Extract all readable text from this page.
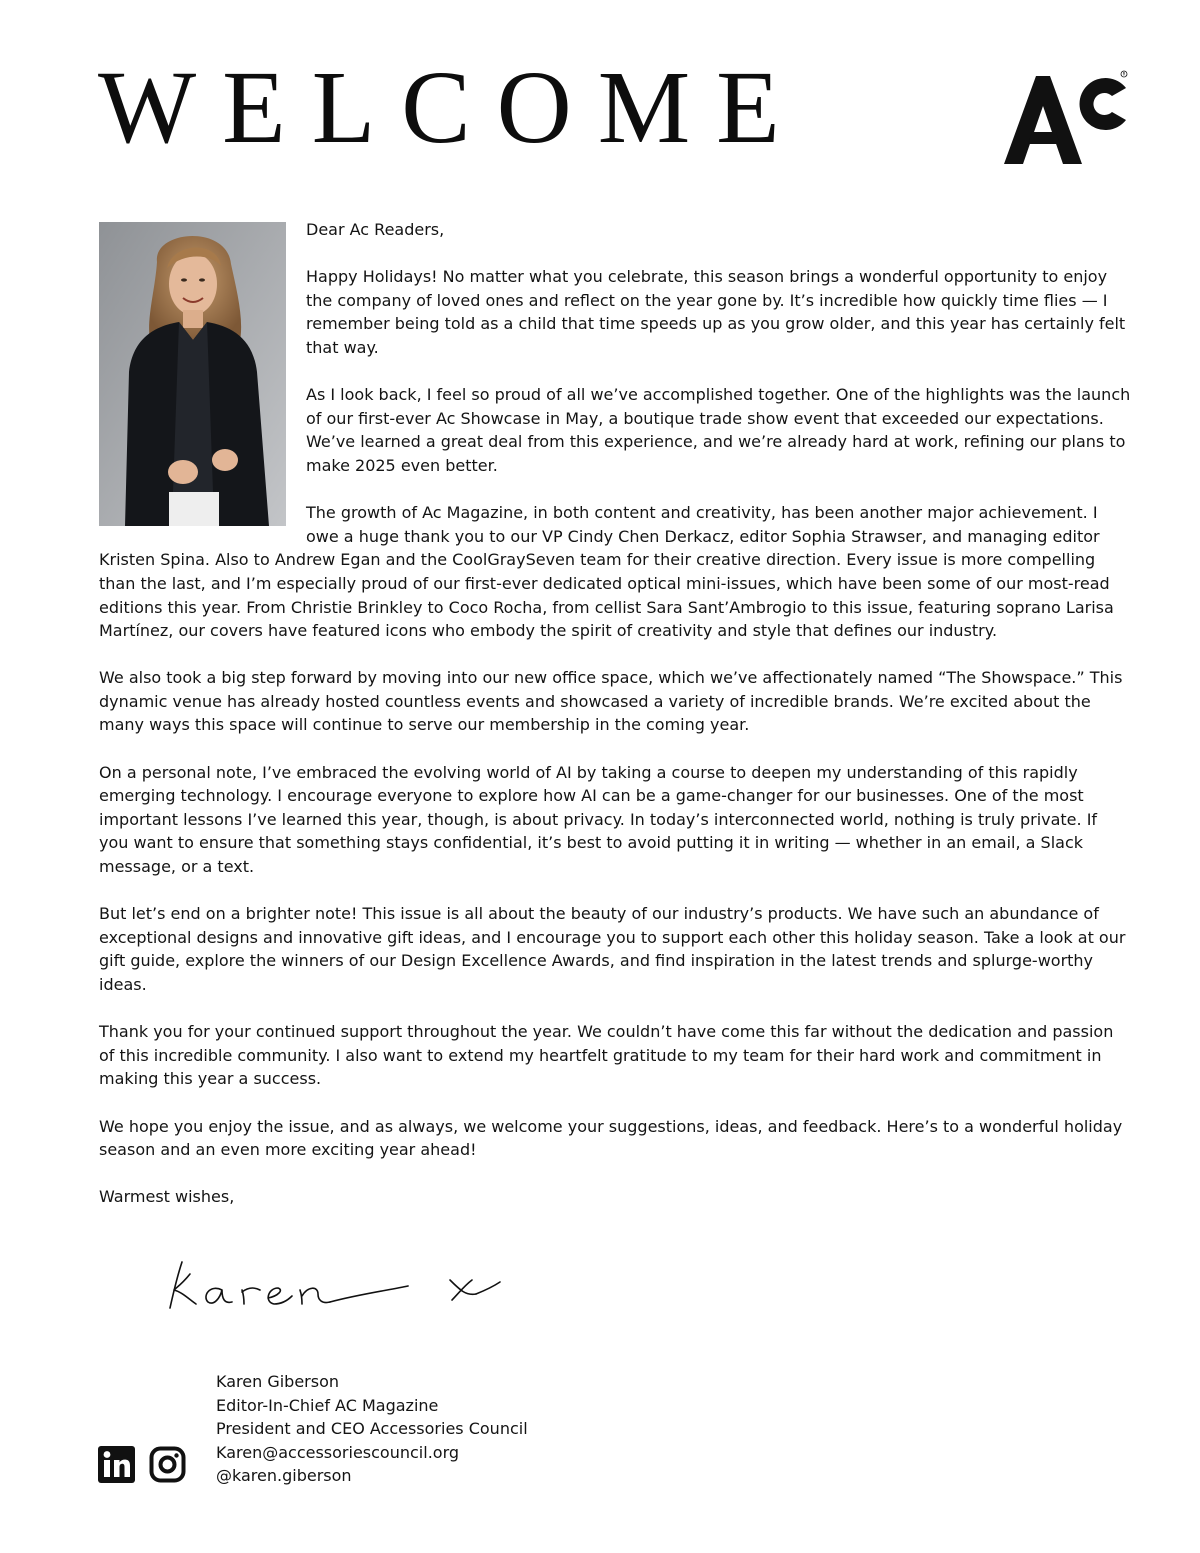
WELCOME	R

Dear Ac Readers,

Happy Holidays! No matter what you celebrate, this season brings a wonderful opportunity to enjoy the company of loved ones and reflect on the year gone by. It’s incredible how quickly time flies — I remember being told as a child that time speeds up as you grow older, and this year has certainly felt that way.

As I look back, I feel so proud of all we’ve accomplished together. One of the highlights was the launch of our first-ever Ac Showcase in May, a boutique trade show event that exceeded our expectations. We’ve learned a great deal from this experience, and we’re already hard at work, refining our plans to make 2025 even better.

The growth of Ac Magazine, in both content and creativity, has been another major achievement. I owe a huge thank you to our VP Cindy Chen Derkacz, editor Sophia Strawser, and managing editor Kristen Spina. Also to Andrew Egan and the CoolGraySeven team for their creative direction. Every issue is more compelling than the last, and I’m especially proud of our first-ever dedicated optical mini-issues, which have been some of our most-read editions this year. From Christie Brinkley to Coco Rocha, from cellist Sara Sant’Ambrogio to this issue, featuring soprano Larisa Martínez, our covers have featured icons who embody the spirit of creativity and style that defines our industry.

We also took a big step forward by moving into our new office space, which we’ve affectionately named “The Showspace.” This dynamic venue has already hosted countless events and showcased a variety of incredible brands. We’re excited about the many ways this space will continue to serve our membership in the coming year.

On a personal note, I’ve embraced the evolving world of AI by taking a course to deepen my understanding of this rapidly emerging technology. I encourage everyone to explore how AI can be a game-changer for our businesses. One of the most important lessons I’ve learned this year, though, is about privacy. In today’s interconnected world, nothing is truly private. If you want to ensure that something stays confidential, it’s best to avoid putting it in writing — whether in an email, a Slack message, or a text.

But let’s end on a brighter note! This issue is all about the beauty of our industry’s products. We have such an abundance of exceptional designs and innovative gift ideas, and I encourage you to support each other this holiday season. Take a look at our gift guide, explore the winners of our Design Excellence Awards, and find inspiration in the latest trends and splurge-worthy ideas.

Thank you for your continued support throughout the year. We couldn’t have come this far without the dedication and passion of this incredible community. I also want to extend my heartfelt gratitude to my team for their hard work and commitment in making this year a success.

We hope you enjoy the issue, and as always, we welcome your suggestions, ideas, and feedback. Here’s to a wonderful holiday season and an even more exciting year ahead!

Warmest wishes,

Karen Giberson
Editor-In-Chief AC Magazine
President and CEO Accessories Council
Karen@accessoriescouncil.org
@karen.giberson
